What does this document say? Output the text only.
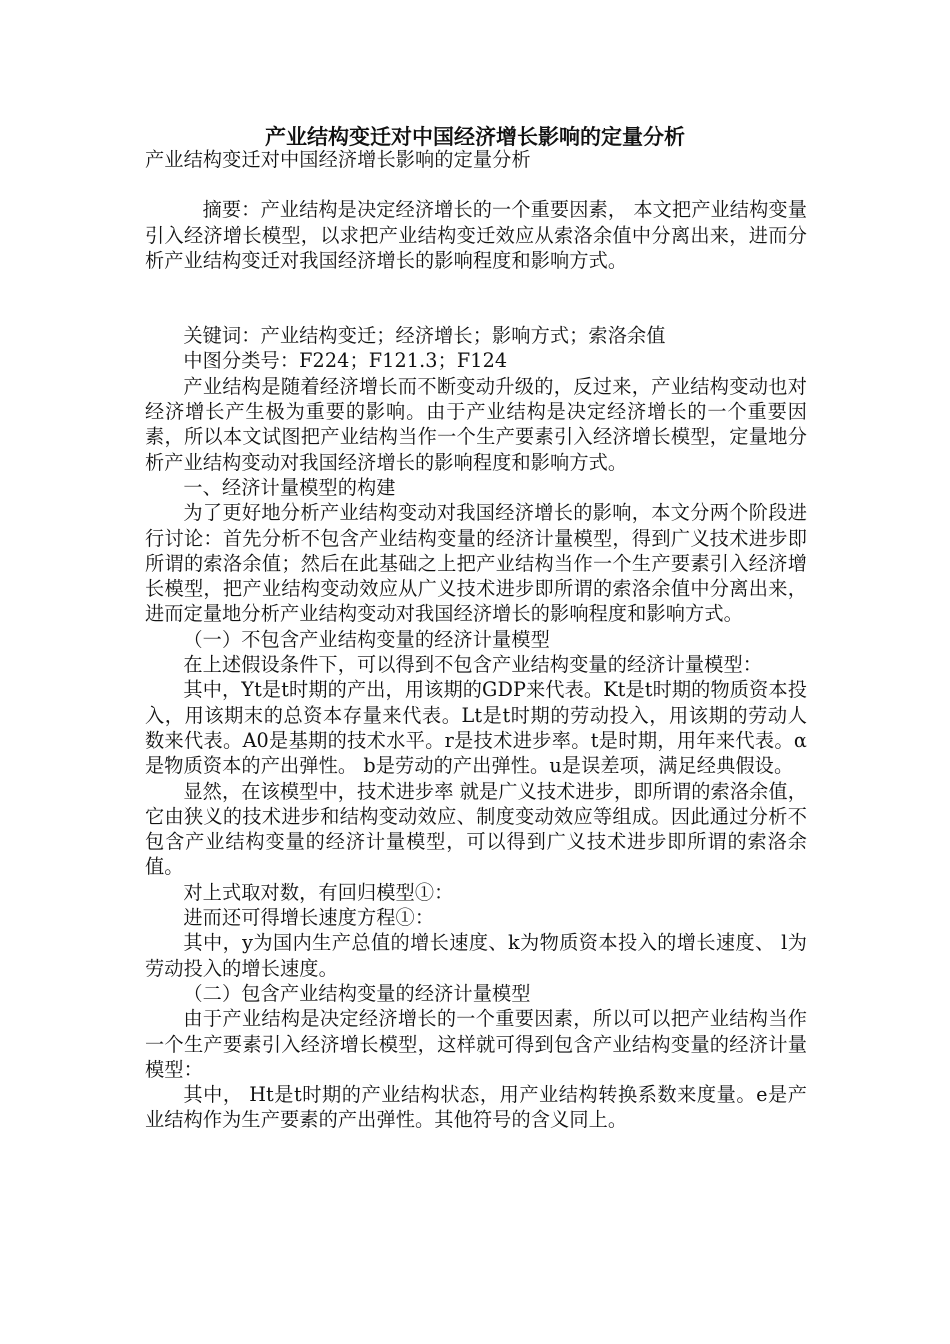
产业结构变迁对中国经济增长影响的定量分析

产业结构变迁对中国经济增长影响的定量分析

摘要：产业结构是决定经济增长的一个重要因素， 本文把产业结构变量引入经济增长模型，以求把产业结构变迁效应从索洛余值中分离出来，进而分析产业结构变迁对我国经济增长的影响程度和影响方式。

关键词：产业结构变迁；经济增长；影响方式；索洛余值

中图分类号：F224；F121.3；F124

产业结构是随着经济增长而不断变动升级的，反过来，产业结构变动也对经济增长产生极为重要的影响。由于产业结构是决定经济增长的一个重要因素，所以本文试图把产业结构当作一个生产要素引入经济增长模型，定量地分析产业结构变动对我国经济增长的影响程度和影响方式。

一、经济计量模型的构建

为了更好地分析产业结构变动对我国经济增长的影响，本文分两个阶段进行讨论：首先分析不包含产业结构变量的经济计量模型，得到广义技术进步即所谓的索洛余值；然后在此基础之上把产业结构当作一个生产要素引入经济增长模型，把产业结构变动效应从广义技术进步即所谓的索洛余值中分离出来，进而定量地分析产业结构变动对我国经济增长的影响程度和影响方式。

（一）不包含产业结构变量的经济计量模型

在上述假设条件下，可以得到不包含产业结构变量的经济计量模型：

其中，Yt是t时期的产出，用该期的GDP来代表。Kt是t时期的物质资本投入，用该期末的总资本存量来代表。Lt是t时期的劳动投入，用该期的劳动人数来代表。A0是基期的技术水平。r是技术进步率。t是时期，用年来代表。α 是物质资本的产出弹性。 b是劳动的产出弹性。u是误差项，满足经典假设。

显然，在该模型中，技术进步率 就是广义技术进步，即所谓的索洛余值，它由狭义的技术进步和结构变动效应、制度变动效应等组成。因此通过分析不包含产业结构变量的经济计量模型，可以得到广义技术进步即所谓的索洛余值。

对上式取对数，有回归模型①：

进而还可得增长速度方程①：

其中，y为国内生产总值的增长速度、k为物质资本投入的增长速度、 l为劳动投入的增长速度。

（二）包含产业结构变量的经济计量模型

由于产业结构是决定经济增长的一个重要因素，所以可以把产业结构当作一个生产要素引入经济增长模型，这样就可得到包含产业结构变量的经济计量模型：

其中， Ht是t时期的产业结构状态，用产业结构转换系数来度量。e是产业结构作为生产要素的产出弹性。其他符号的含义同上。
